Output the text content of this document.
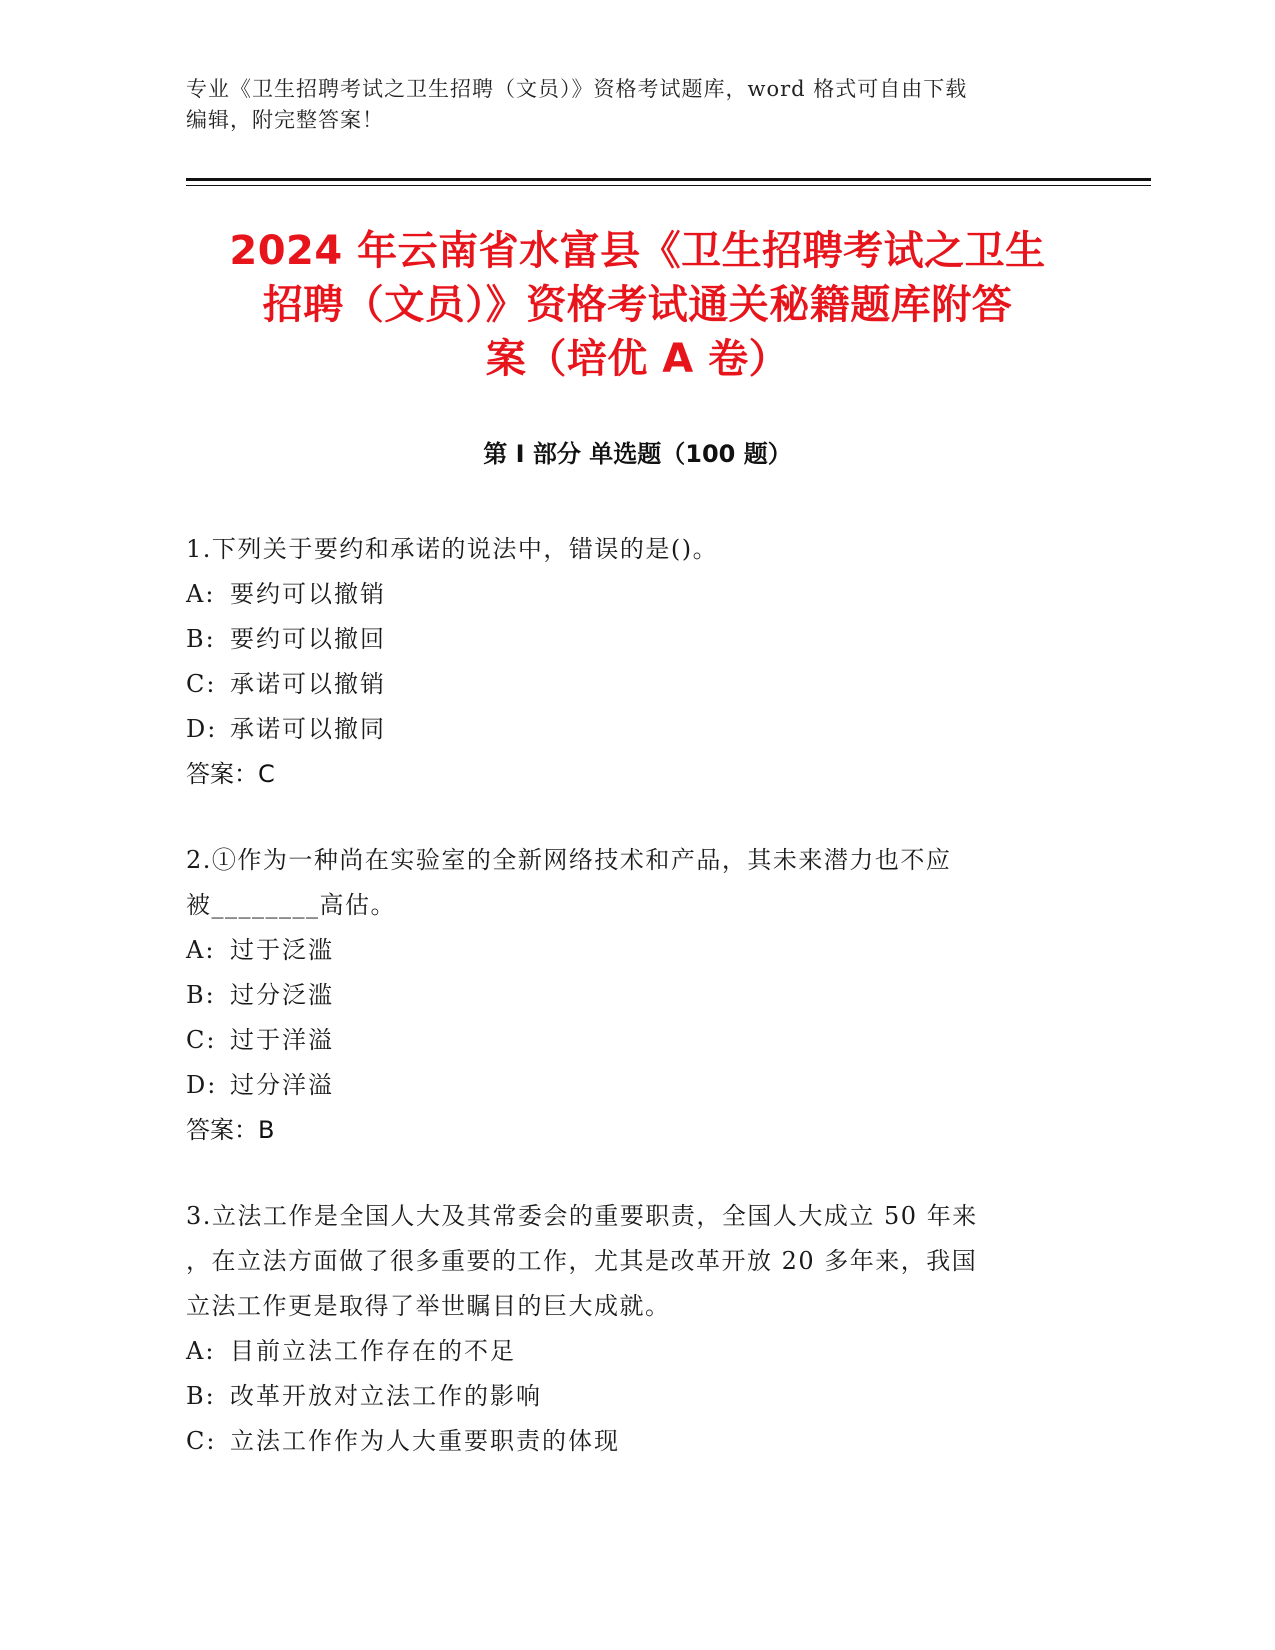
专业《卫生招聘考试之卫生招聘（文员）》资格考试题库，word 格式可自由下载
编辑，附完整答案！
2024 年云南省水富县《卫生招聘考试之卫生
招聘（文员）》资格考试通关秘籍题库附答
案（培优 A 卷）
第 I 部分 单选题（100 题）
1.下列关于要约和承诺的说法中，错误的是()。
A: 要约可以撤销
B: 要约可以撤回
C: 承诺可以撤销
D: 承诺可以撤同
答案：C
2.①作为一种尚在实验室的全新网络技术和产品，其未来潜力也不应
被________高估。
A: 过于泛滥
B: 过分泛滥
C: 过于洋溢
D: 过分洋溢
答案：B
3.立法工作是全国人大及其常委会的重要职责，全国人大成立 50 年来
，在立法方面做了很多重要的工作，尤其是改革开放 20 多年来，我国
立法工作更是取得了举世瞩目的巨大成就。
A: 目前立法工作存在的不足
B: 改革开放对立法工作的影响
C: 立法工作作为人大重要职责的体现
